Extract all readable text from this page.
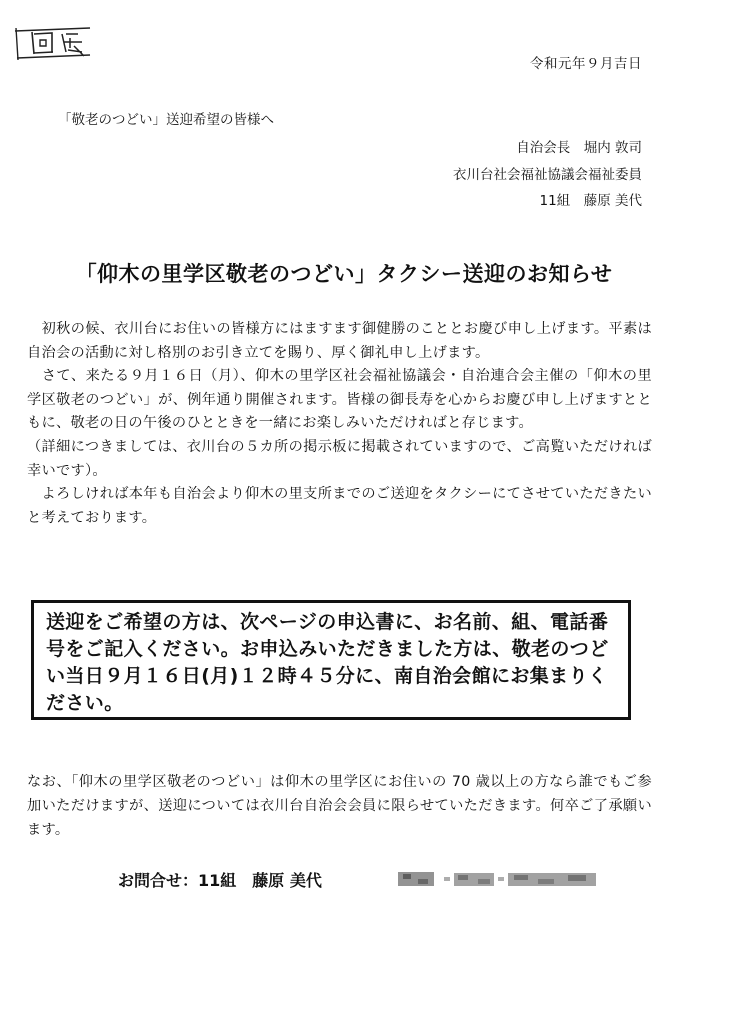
令和元年９月吉日
「敬老のつどい」送迎希望の皆様へ
自治会長　堀内 敦司
衣川台社会福祉協議会福祉委員
11組　藤原 美代
「仰木の里学区敬老のつどい」タクシー送迎のお知らせ

　初秋の候、衣川台にお住いの皆様方にはますます御健勝のこととお慶び申し上げます。平素は自治会の活動に対し格別のお引き立てを賜り、厚く御礼申し上げます。

　さて、来たる９月１６日（月）、仰木の里学区社会福祉協議会・自治連合会主催の「仰木の里学区敬老のつどい」が、例年通り開催されます。皆様の御長寿を心からお慶び申し上げますとともに、敬老の日の午後のひとときを一緒にお楽しみいただければと存じます。

（詳細につきましては、衣川台の５カ所の掲示板に掲載されていますので、ご高覧いただければ幸いです）。

　よろしければ本年も自治会より仰木の里支所までのご送迎をタクシーにてさせていただきたいと考えております。

送迎をご希望の方は、次ページの申込書に、お名前、組、電話番号をご記入ください。お申込みいただきました方は、敬老のつどい当日９月１６日(月)１２時４５分に、南自治会館にお集まりください。

なお、「仰木の里学区敬老のつどい」は仰木の里学区にお住いの 70 歳以上の方なら誰でもご参加いただけますが、送迎については衣川台自治会会員に限らせていただきます。何卒ご了承願います。

お問合せ：11組　藤原 美代
